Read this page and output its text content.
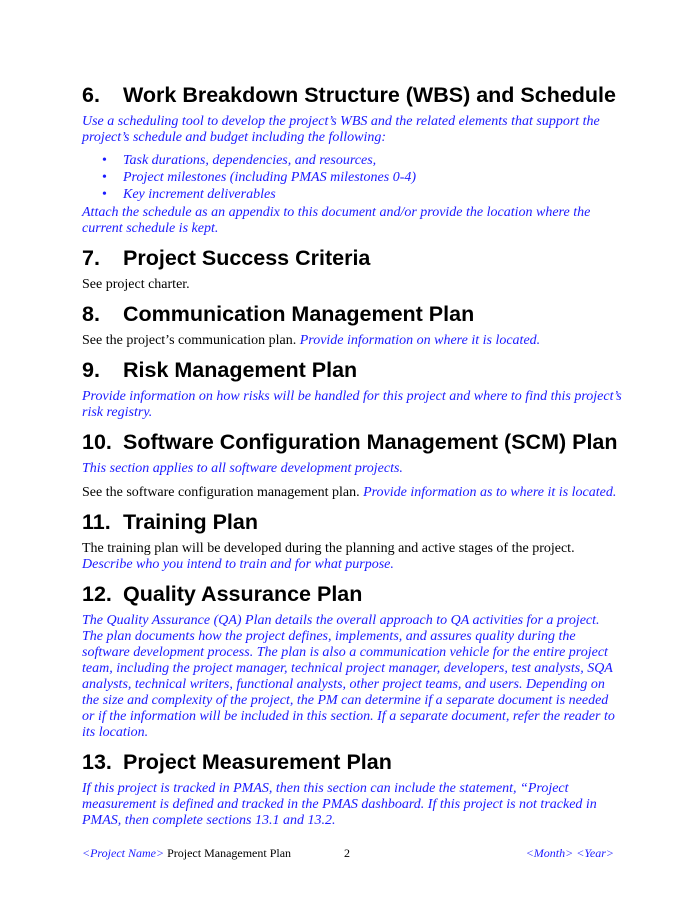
6.	Work Breakdown Structure (WBS) and Schedule

Use a scheduling tool to develop the project’s WBS and the related elements that support the project’s schedule and budget including the following:

• Task durations, dependencies, and resources,
• Project milestones (including PMAS milestones 0-4)
• Key increment deliverables

Attach the schedule as an appendix to this document and/or provide the location where the current schedule is kept.

7.	Project Success Criteria

See project charter.

8.	Communication Management Plan

See the project’s communication plan. Provide information on where it is located.

9.	Risk Management Plan

Provide information on how risks will be handled for this project and where to find this project’s risk registry.

10. Software Configuration Management (SCM) Plan

This section applies to all software development projects.

See the software configuration management plan. Provide information as to where it is located.

11. Training Plan

The training plan will be developed during the planning and active stages of the project.
Describe who you intend to train and for what purpose.

12. Quality Assurance Plan

The Quality Assurance (QA) Plan details the overall approach to QA activities for a project. The plan documents how the project defines, implements, and assures quality during the software development process. The plan is also a communication vehicle for the entire project team, including the project manager, technical project manager, developers, test analysts, SQA analysts, technical writers, functional analysts, other project teams, and users. Depending on the size and complexity of the project, the PM can determine if a separate document is needed or if the information will be included in this section. If a separate document, refer the reader to its location.

13. Project Measurement Plan

If this project is tracked in PMAS, then this section can include the statement, “Project measurement is defined and tracked in the PMAS dashboard. If this project is not tracked in PMAS, then complete sections 13.1 and 13.2.

<Project Name> Project Management Plan	2	<Month> <Year>
